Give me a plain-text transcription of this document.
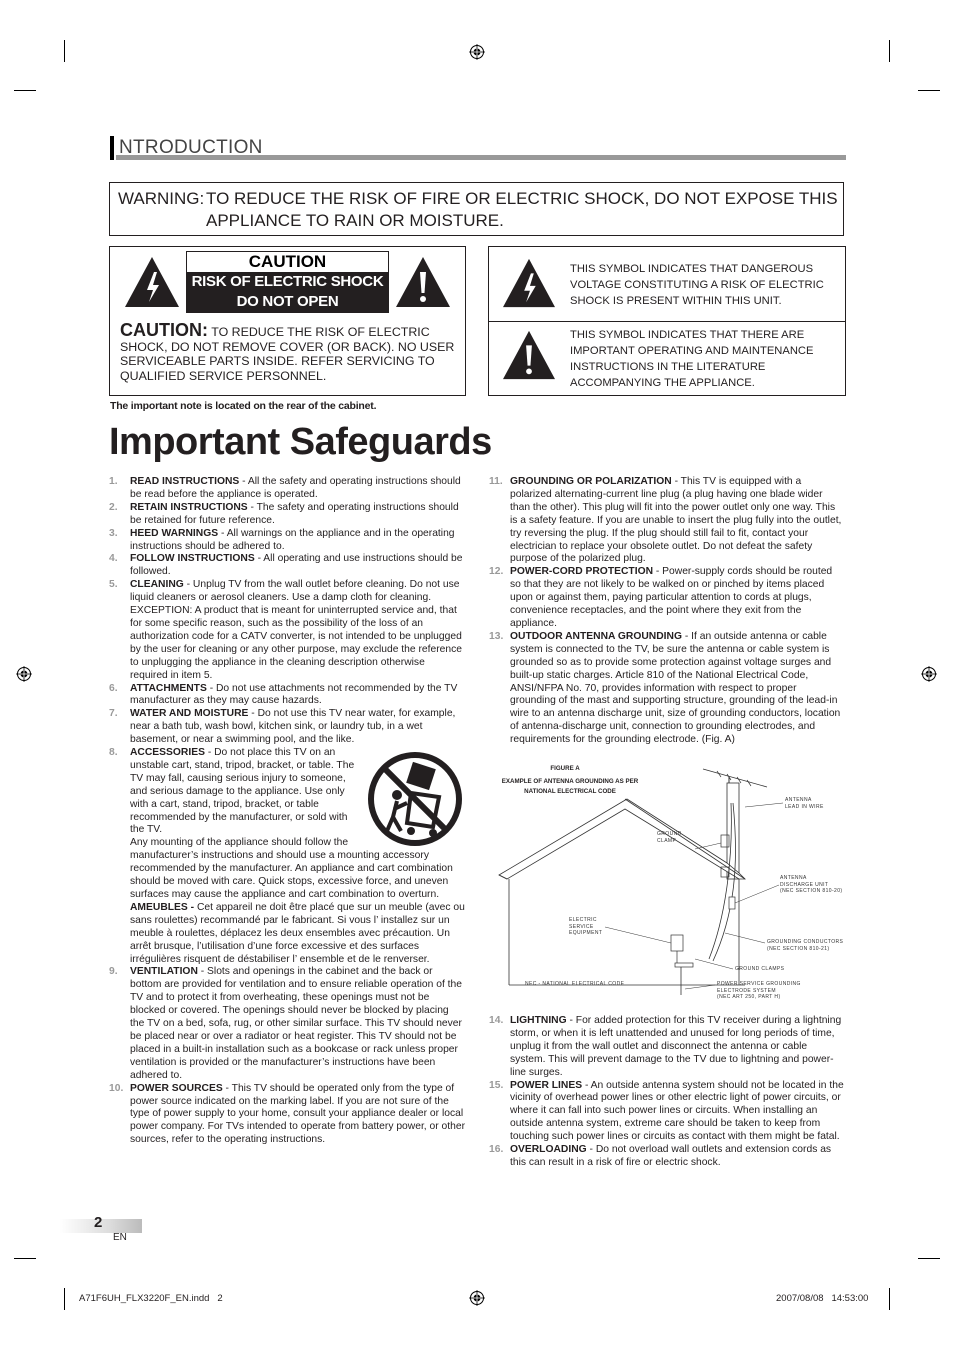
NTRODUCTION
WARNING: TO REDUCE THE RISK OF FIRE OR ELECTRIC SHOCK, DO NOT EXPOSE THIS
APPLIANCE TO RAIN OR MOISTURE.
CAUTION
RISK OF ELECTRIC SHOCK
DO NOT OPEN
CAUTION: TO REDUCE THE RISK OF ELECTRIC SHOCK, DO NOT REMOVE COVER (OR BACK). NO USER SERVICEABLE PARTS INSIDE. REFER SERVICING TO QUALIFIED SERVICE PERSONNEL.
THIS SYMBOL INDICATES THAT DANGEROUS VOLTAGE CONSTITUTING A RISK OF ELECTRIC SHOCK IS PRESENT WITHIN THIS UNIT.
THIS SYMBOL INDICATES THAT THERE ARE IMPORTANT OPERATING AND MAINTENANCE INSTRUCTIONS IN THE LITERATURE ACCOMPANYING THE APPLIANCE.
The important note is located on the rear of the cabinet.
Important Safeguards
1. READ INSTRUCTIONS - All the safety and operating instructions should be read before the appliance is operated.
2. RETAIN INSTRUCTIONS - The safety and operating instructions should be retained for future reference.
3. HEED WARNINGS - All warnings on the appliance and in the operating instructions should be adhered to.
4. FOLLOW INSTRUCTIONS - All operating and use instructions should be followed.
5. CLEANING - Unplug TV from the wall outlet before cleaning. Do not use liquid cleaners or aerosol cleaners. Use a damp cloth for cleaning.
EXCEPTION: A product that is meant for uninterrupted service and, that for some specific reason, such as the possibility of the loss of an authorization code for a CATV converter, is not intended to be unplugged by the user for cleaning or any other purpose, may exclude the reference to unplugging the appliance in the cleaning description otherwise required in item 5.
6. ATTACHMENTS - Do not use attachments not recommended by the TV manufacturer as they may cause hazards.
7. WATER AND MOISTURE - Do not use this TV near water, for example, near a bath tub, wash bowl, kitchen sink, or laundry tub, in a wet basement, or near a swimming pool, and the like.
8. ACCESSORIES - Do not place this TV on an unstable cart, stand, tripod, bracket, or table. The TV may fall, causing serious injury to someone, and serious damage to the appliance. Use only with a cart, stand, tripod, bracket, or table recommended by the manufacturer, or sold with the TV.
Any mounting of the appliance should follow the manufacturer’s instructions and should use a mounting accessory recommended by the manufacturer. An appliance and cart combination should be moved with care. Quick stops, excessive force, and uneven surfaces may cause the appliance and cart combination to overturn.
AMEUBLES - Cet appareil ne doit être placé que sur un meuble (avec ou sans roulettes) recommandé par le fabricant. Si vous l’ installez sur un meuble à roulettes, déplacez les deux ensembles avec précaution. Un arrêt brusque, l’utilisation d’une force excessive et des surfaces irrégulières risquent de déstabiliser l’ ensemble et de le renverser.
9. VENTILATION - Slots and openings in the cabinet and the back or bottom are provided for ventilation and to ensure reliable operation of the TV and to protect it from overheating, these openings must not be blocked or covered. The openings should never be blocked by placing the TV on a bed, sofa, rug, or other similar surface. This TV should never be placed near or over a radiator or heat register. This TV should not be placed in a built-in installation such as a bookcase or rack unless proper ventilation is provided or the manufacturer’s instructions have been adhered to.
10. POWER SOURCES - This TV should be operated only from the type of power source indicated on the marking label. If you are not sure of the type of power supply to your home, consult your appliance dealer or local power company. For TVs intended to operate from battery power, or other sources, refer to the operating instructions.
11. GROUNDING OR POLARIZATION - This TV is equipped with a polarized alternating-current line plug (a plug having one blade wider than the other). This plug will fit into the power outlet only one way. This is a safety feature. If you are unable to insert the plug fully into the outlet, try reversing the plug. If the plug should still fail to fit, contact your electrician to replace your obsolete outlet. Do not defeat the safety purpose of the polarized plug.
12. POWER-CORD PROTECTION - Power-supply cords should be routed so that they are not likely to be walked on or pinched by items placed upon or against them, paying particular attention to cords at plugs, convenience receptacles, and the point where they exit from the appliance.
13. OUTDOOR ANTENNA GROUNDING - If an outside antenna or cable system is connected to the TV, be sure the antenna or cable system is grounded so as to provide some protection against voltage surges and built-up static charges. Article 810 of the National Electrical Code, ANSI/NFPA No. 70, provides information with respect to proper grounding of the mast and supporting structure, grounding of the lead-in wire to an antenna discharge unit, size of grounding conductors, location of antenna-discharge unit, connection to grounding electrodes, and requirements for the grounding electrode. (Fig. A)
FIGURE A
EXAMPLE OF ANTENNA GROUNDING AS PER
NATIONAL ELECTRICAL CODE
ANTENNA
LEAD IN WIRE
GROUND
CLAMP
ANTENNA
DISCHARGE UNIT
(NEC SECTION 810-20)
ELECTRIC
SERVICE
EQUIPMENT
GROUNDING CONDUCTORS
(NEC SECTION 810-21)
GROUND CLAMPS
NEC - NATIONAL ELECTRICAL CODE	POWER SERVICE GROUNDING
ELECTRODE SYSTEM
(NEC ART 250, PART H)
14. LIGHTNING - For added protection for this TV receiver during a lightning storm, or when it is left unattended and unused for long periods of time, unplug it from the wall outlet and disconnect the antenna or cable system. This will prevent damage to the TV due to lightning and power-line surges.
15. POWER LINES - An outside antenna system should not be located in the vicinity of overhead power lines or other electric light of power circuits, or where it can fall into such power lines or circuits. When installing an outside antenna system, extreme care should be taken to keep from touching such power lines or circuits as contact with them might be fatal.
16. OVERLOADING - Do not overload wall outlets and extension cords as this can result in a risk of fire or electric shock.
2
EN
A71F6UH_FLX3220F_EN.indd   2	2007/08/08   14:53:00
